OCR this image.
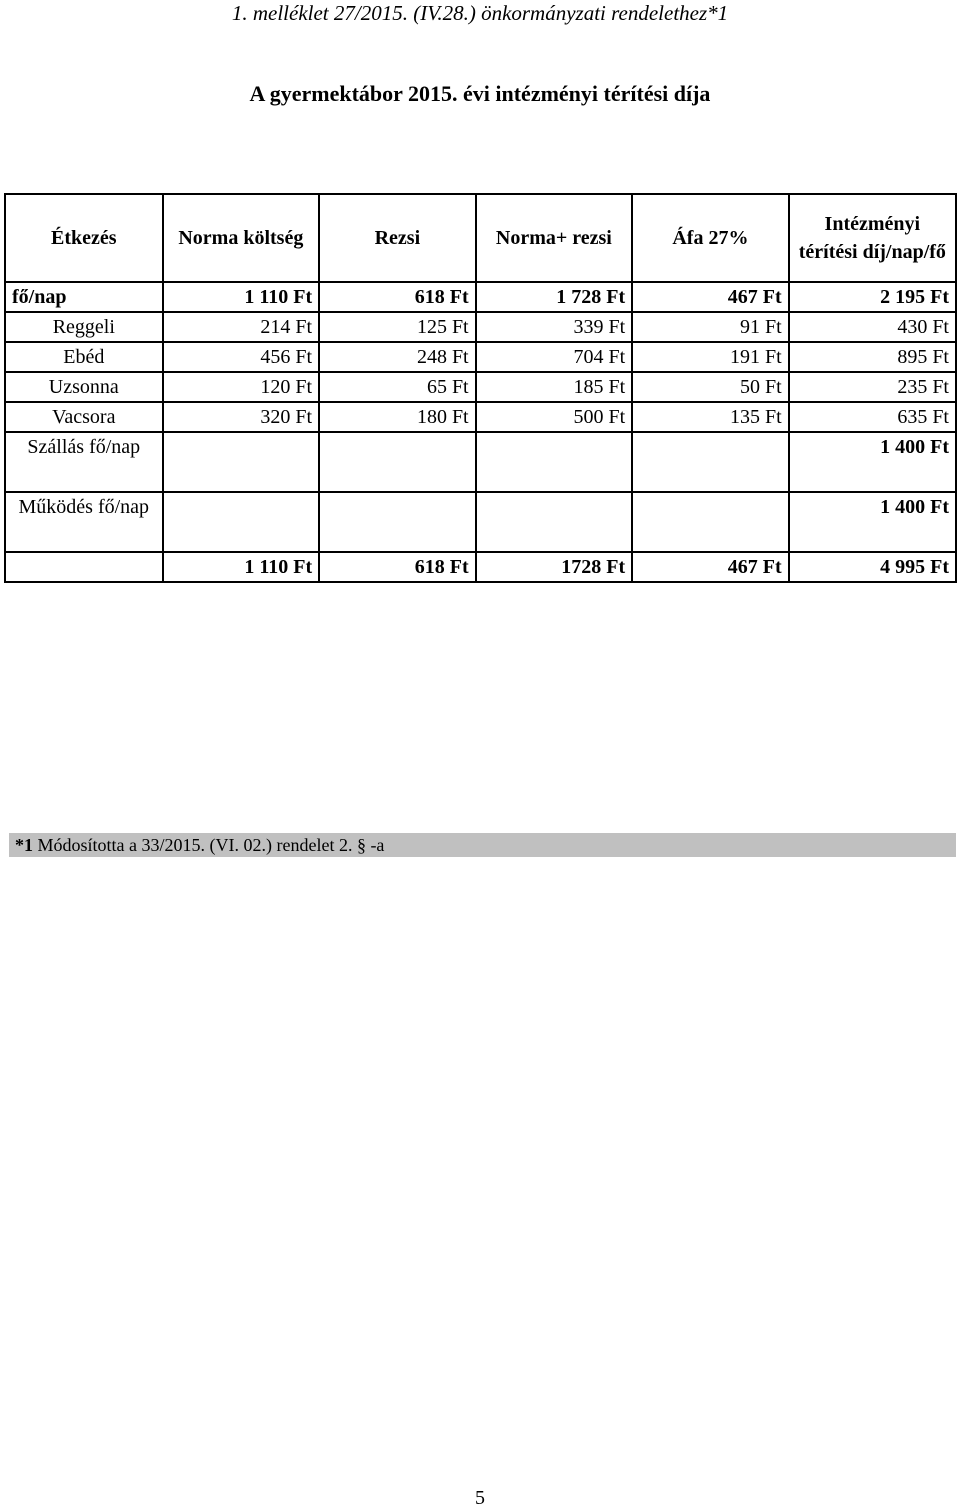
1. melléklet 27/2015. (IV.28.) önkormányzati rendelethez*1
A gyermektábor 2015. évi intézményi térítési díja
Étkezés	Norma költség	Rezsi	Norma+ rezsi	Áfa 27%	Intézményi térítési díj/nap/fő
fő/nap	1 110 Ft	618 Ft	1 728 Ft	467 Ft	2 195 Ft
Reggeli	214 Ft	125 Ft	339 Ft	91 Ft	430 Ft
Ebéd	456 Ft	248 Ft	704 Ft	191 Ft	895 Ft
Uzsonna	120 Ft	65 Ft	185 Ft	50 Ft	235 Ft
Vacsora	320 Ft	180 Ft	500 Ft	135 Ft	635 Ft
Szállás fő/nap					1 400 Ft
Működés fő/nap					1 400 Ft
	1 110 Ft	618 Ft	1728 Ft	467 Ft	4 995 Ft
*1 Módosította a 33/2015. (VI. 02.) rendelet 2. § -a
5
